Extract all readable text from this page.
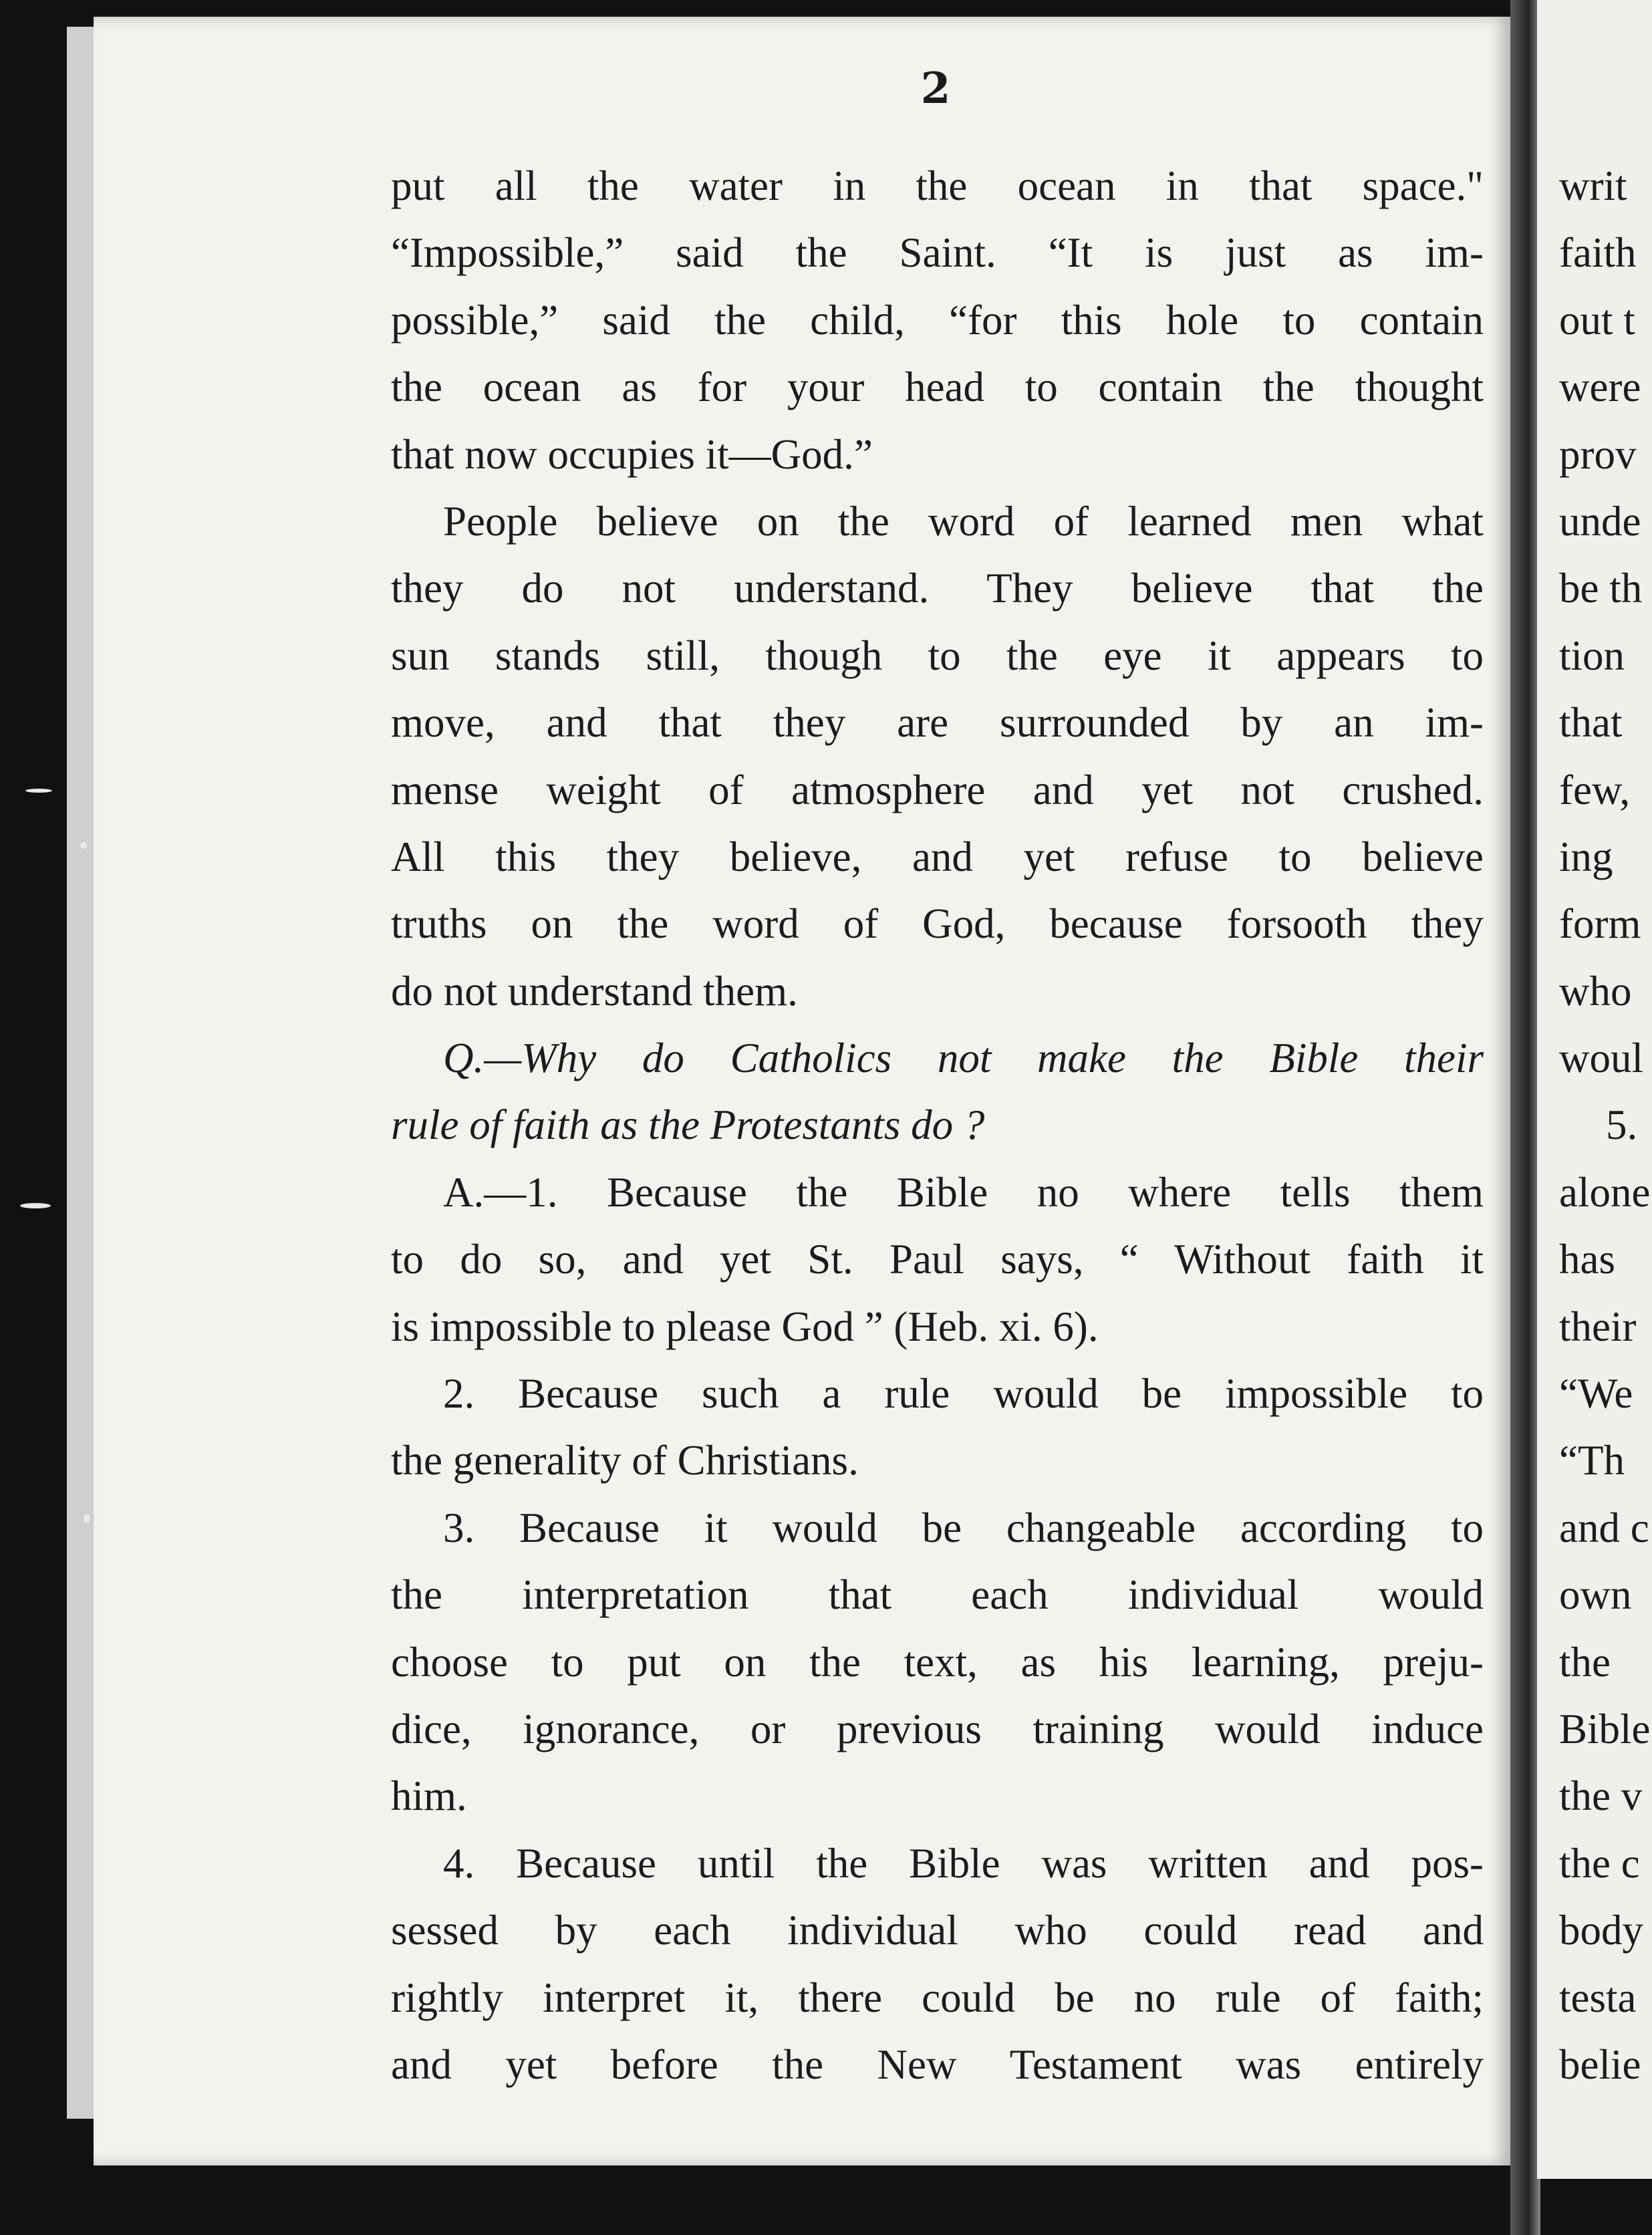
2
put all the water in the ocean in that space."
“Impossible,” said the Saint. “It is just as im-
possible,” said the child, “for this hole to contain
the ocean as for your head to contain the thought
that now occupies it—God.”
People believe on the word of learned men what
they do not understand. They believe that the
sun stands still, though to the eye it appears to
move, and that they are surrounded by an im-
mense weight of atmosphere and yet not crushed.
All this they believe, and yet refuse to believe
truths on the word of God, because forsooth they
do not understand them.
Q.—Why do Catholics not make the Bible their
rule of faith as the Protestants do ?
A.—1. Because the Bible no where tells them
to do so, and yet St. Paul says, “ Without faith it
is impossible to please God ” (Heb. xi. 6).
2. Because such a rule would be impossible to
the generality of Christians.
3. Because it would be changeable according to
the interpretation that each individual would
choose to put on the text, as his learning, preju-
dice, ignorance, or previous training would induce
him.
4. Because until the Bible was written and pos-
sessed by each individual who could read and
rightly interpret it, there could be no rule of faith;
and yet before the New Testament was entirely
writ
faith
out t
were
prov
unde
be th
tion
that
few,
ing
form
who
woul
5.
alone
has
their
“We
“Th
and c
own
the
Bible
the v
the c
body
testa
belie
